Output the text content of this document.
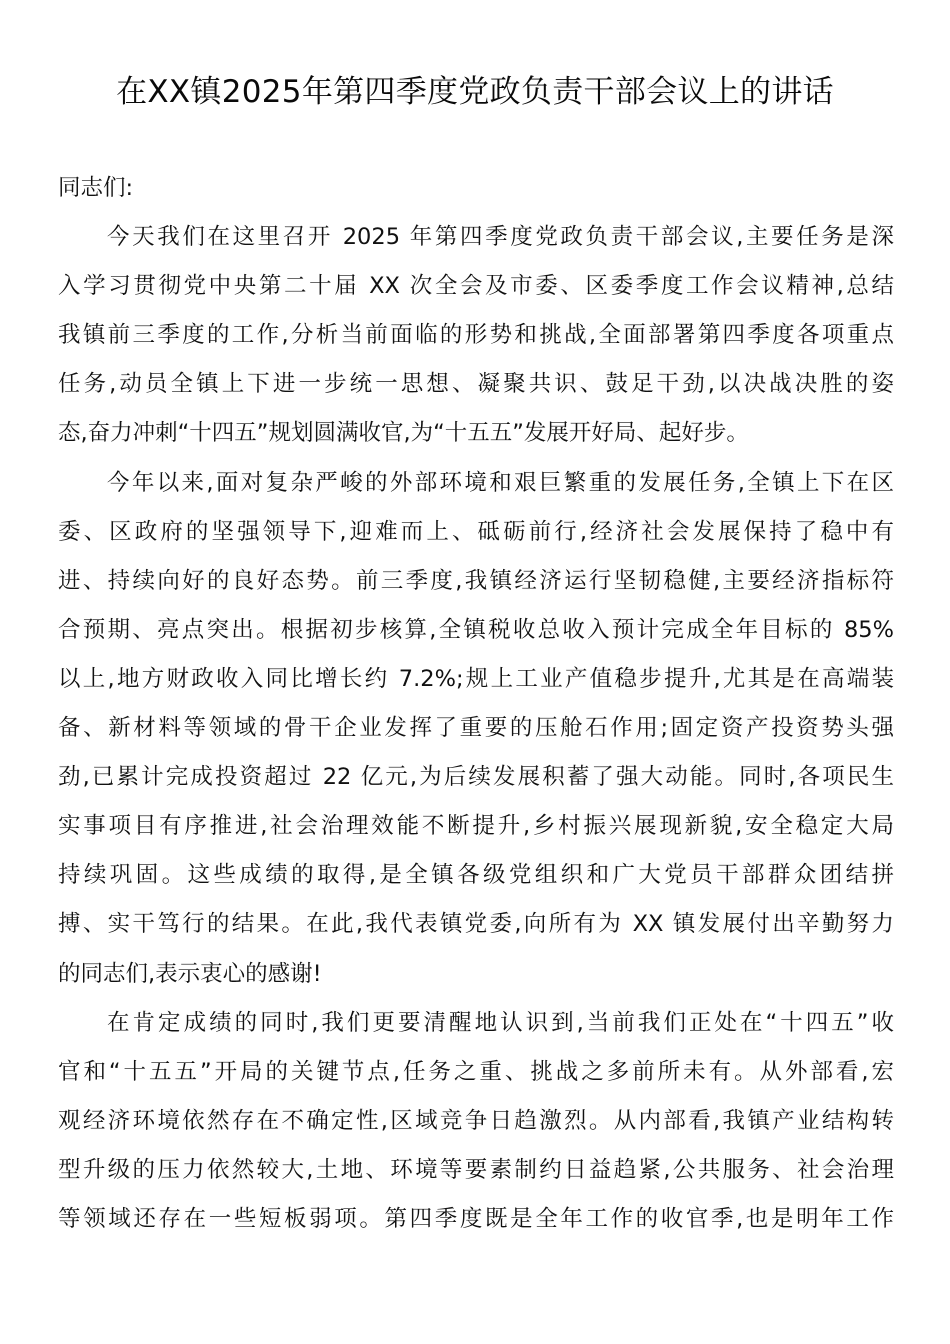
在XX镇2025年第四季度党政负责干部会议上的讲话
同志们:
今天我们在这里召开 2025 年第四季度党政负责干部会议,主要任务是深
入学习贯彻党中央第二十届 XX 次全会及市委、区委季度工作会议精神,总结
我镇前三季度的工作,分析当前面临的形势和挑战,全面部署第四季度各项重点
任务,动员全镇上下进一步统一思想、凝聚共识、鼓足干劲,以决战决胜的姿
态,奋力冲刺“十四五”规划圆满收官,为“十五五”发展开好局、起好步。
今年以来,面对复杂严峻的外部环境和艰巨繁重的发展任务,全镇上下在区
委、区政府的坚强领导下,迎难而上、砥砺前行,经济社会发展保持了稳中有
进、持续向好的良好态势。前三季度,我镇经济运行坚韧稳健,主要经济指标符
合预期、亮点突出。根据初步核算,全镇税收总收入预计完成全年目标的 85%
以上,地方财政收入同比增长约 7.2%;规上工业产值稳步提升,尤其是在高端装
备、新材料等领域的骨干企业发挥了重要的压舱石作用;固定资产投资势头强
劲,已累计完成投资超过 22 亿元,为后续发展积蓄了强大动能。同时,各项民生
实事项目有序推进,社会治理效能不断提升,乡村振兴展现新貌,安全稳定大局
持续巩固。这些成绩的取得,是全镇各级党组织和广大党员干部群众团结拼
搏、实干笃行的结果。在此,我代表镇党委,向所有为 XX 镇发展付出辛勤努力
的同志们,表示衷心的感谢!
在肯定成绩的同时,我们更要清醒地认识到,当前我们正处在“十四五”收
官和“十五五”开局的关键节点,任务之重、挑战之多前所未有。从外部看,宏
观经济环境依然存在不确定性,区域竞争日趋激烈。从内部看,我镇产业结构转
型升级的压力依然较大,土地、环境等要素制约日益趋紧,公共服务、社会治理
等领域还存在一些短板弱项。第四季度既是全年工作的收官季,也是明年工作
